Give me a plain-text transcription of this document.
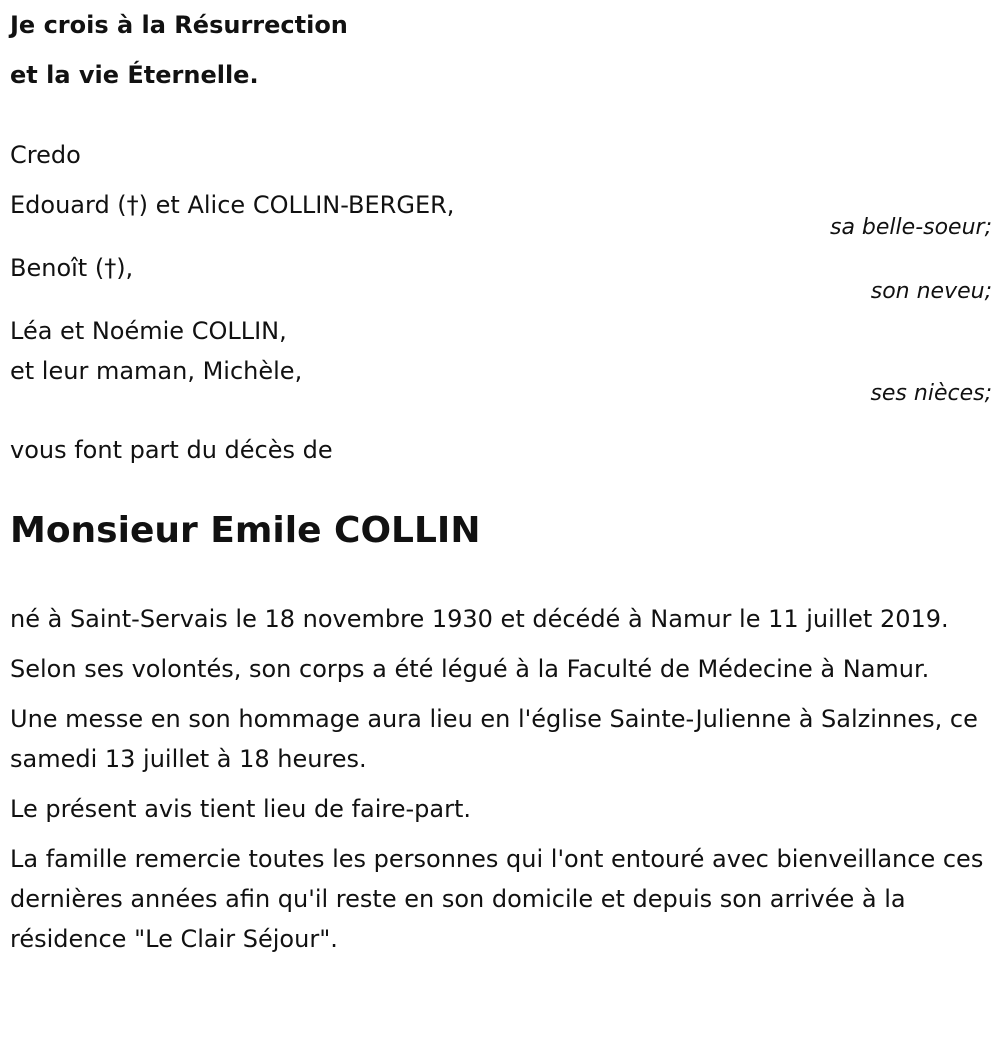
Je crois à la Résurrection
et la vie Éternelle.

Credo
Edouard (†) et Alice COLLIN-BERGER,
sa belle-soeur;
Benoît (†),
son neveu;
Léa et Noémie COLLIN,
et leur maman, Michèle,
ses nièces;
vous font part du décès de
Monsieur Emile COLLIN

né à Saint-Servais le 18 novembre 1930 et décédé à Namur le 11 juillet 2019.

Selon ses volontés, son corps a été légué à la Faculté de Médecine à Namur.

Une messe en son hommage aura lieu en l'église Sainte-Julienne à Salzinnes, ce samedi 13 juillet à 18 heures.

Le présent avis tient lieu de faire-part.

La famille remercie toutes les personnes qui l'ont entouré avec bienveillance ces dernières années afin qu'il reste en son domicile et depuis son arrivée à la résidence "Le Clair Séjour".
